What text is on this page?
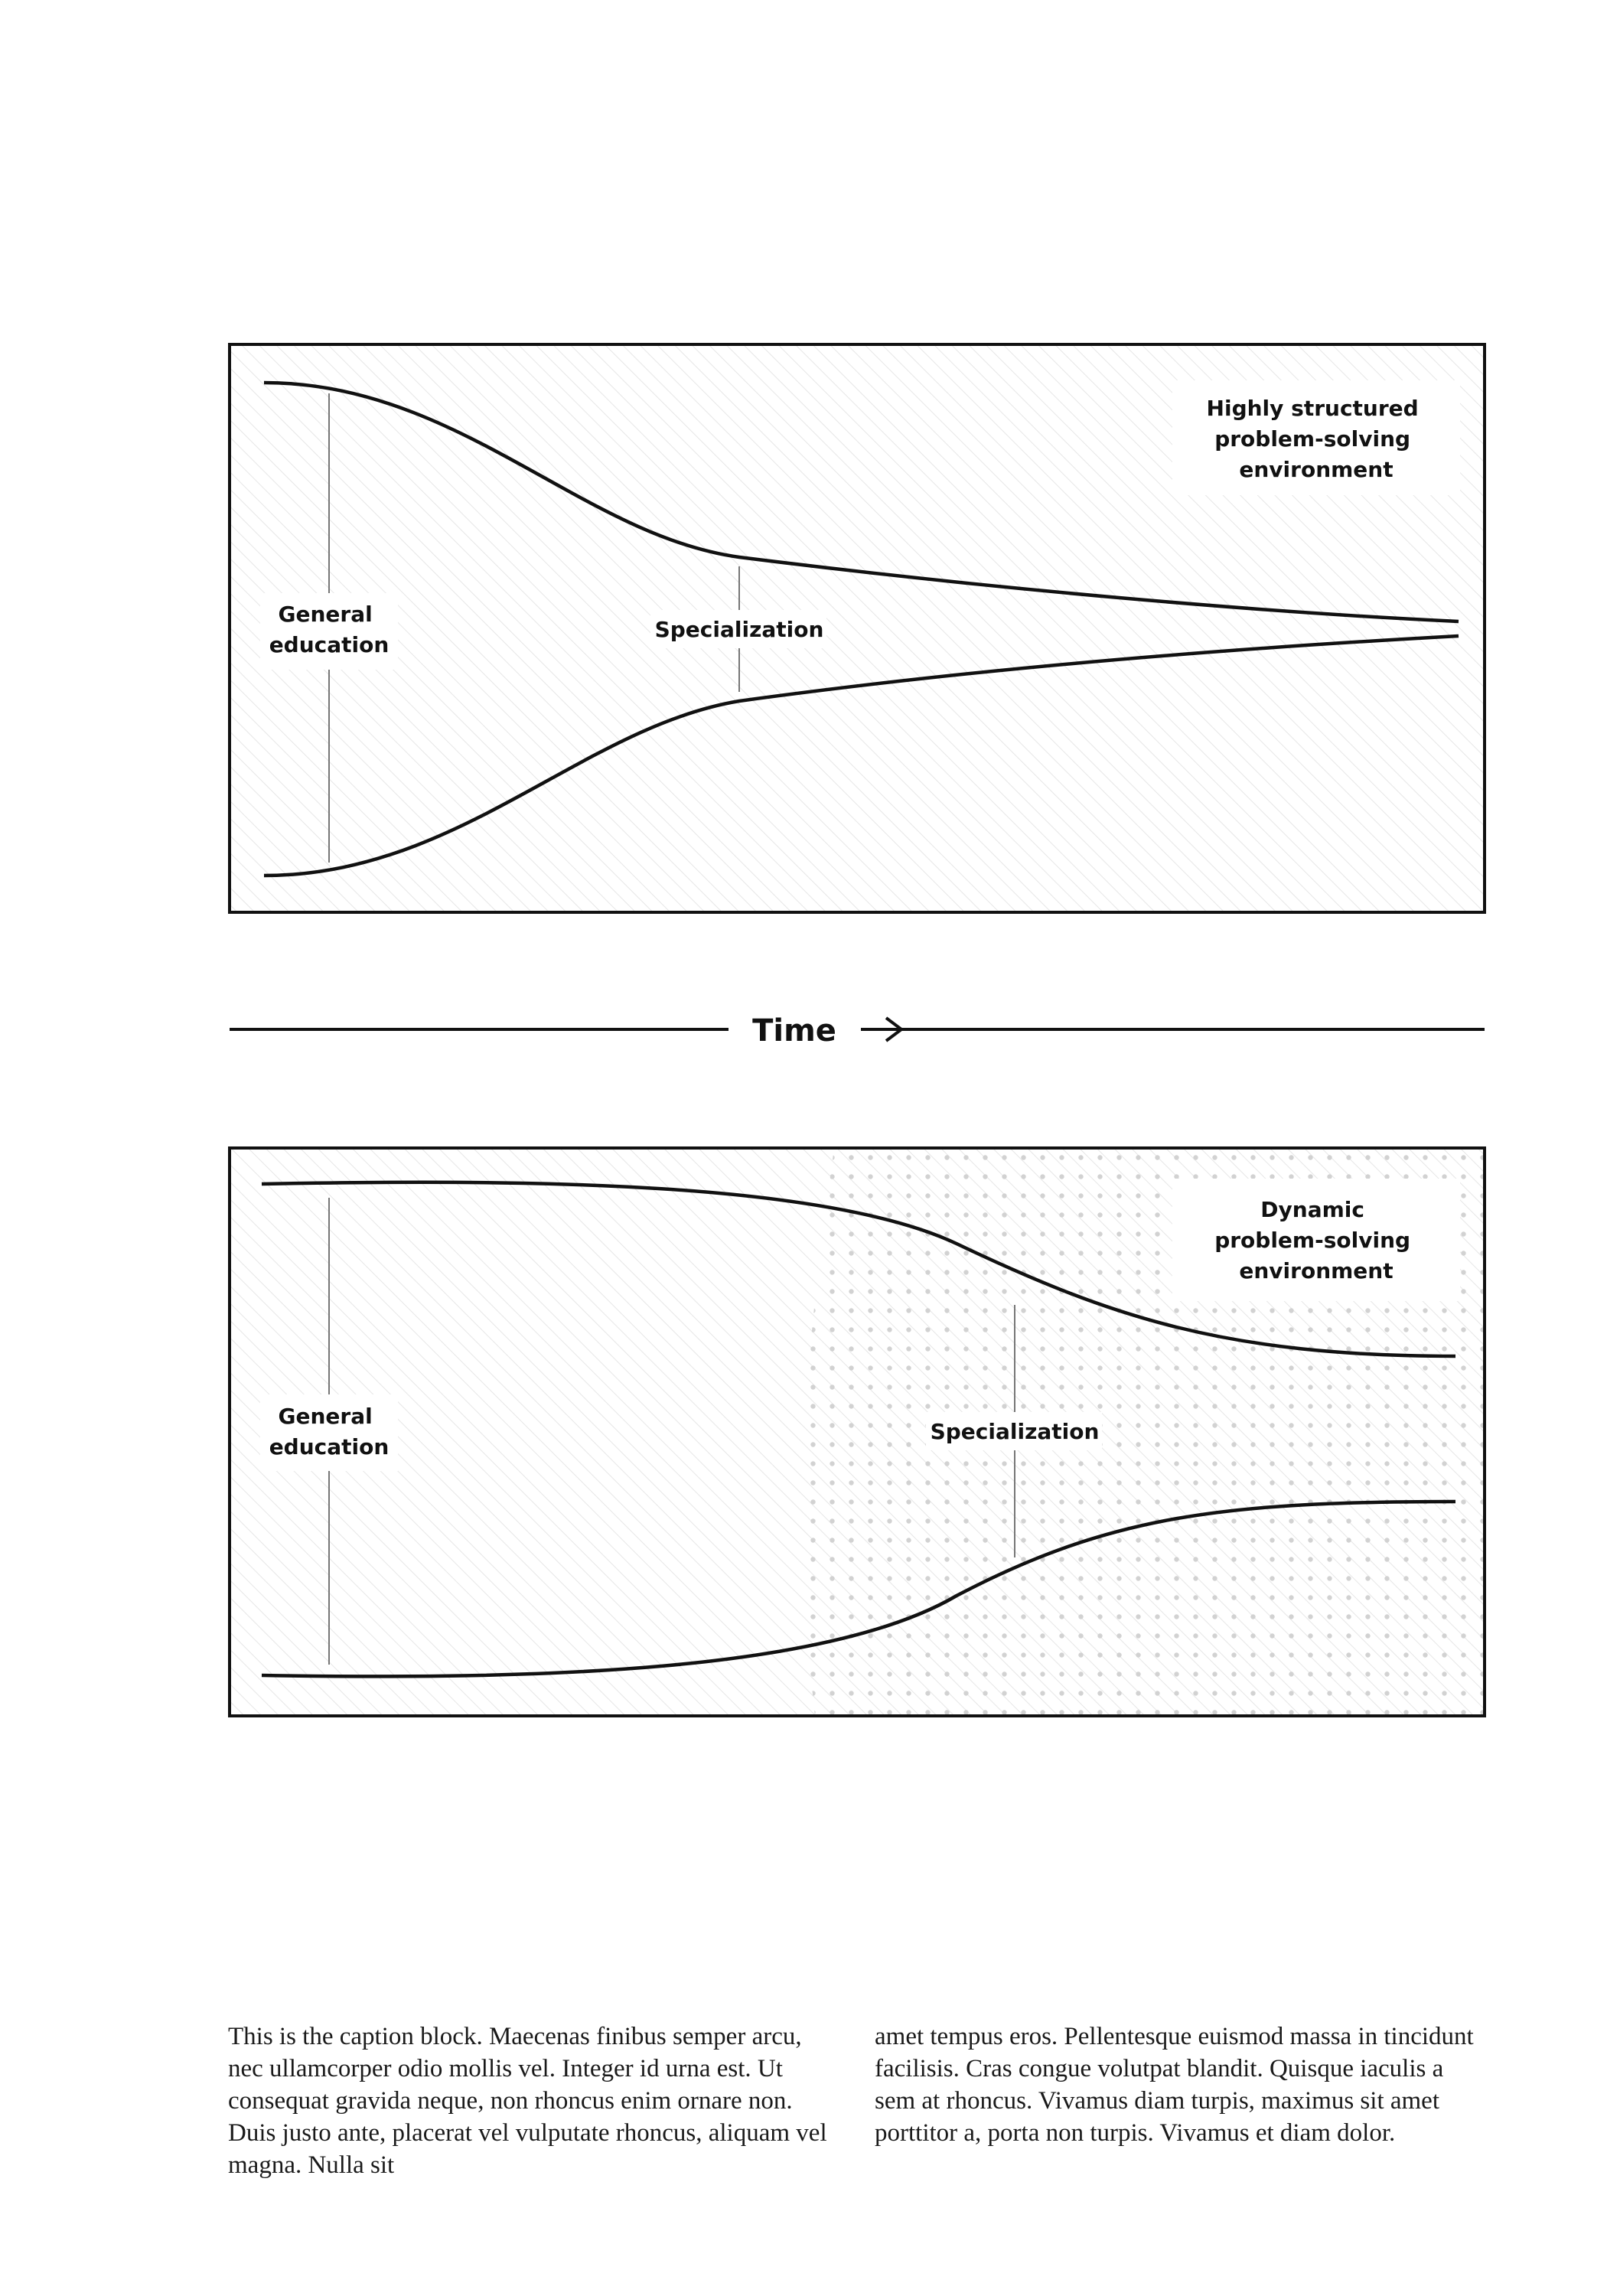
Highly structured problem-solving environment
General education
Specialization
Time
Dynamic problem-solving environment
General education
Specialization

This is the caption block. Maecenas finibus semper arcu, nec ullamcorper odio mollis vel. Integer id urna est. Ut consequat gravida neque, non rhoncus enim ornare non. Duis justo ante, placerat vel vulputate rhoncus, aliquam vel magna. Nulla sit

amet tempus eros. Pellentesque euismod massa in tincidunt facilisis. Cras congue volutpat blandit. Quisque iaculis a sem at rhoncus. Vivamus diam turpis, maximus sit amet porttitor a, porta non turpis. Vivamus et diam dolor.
